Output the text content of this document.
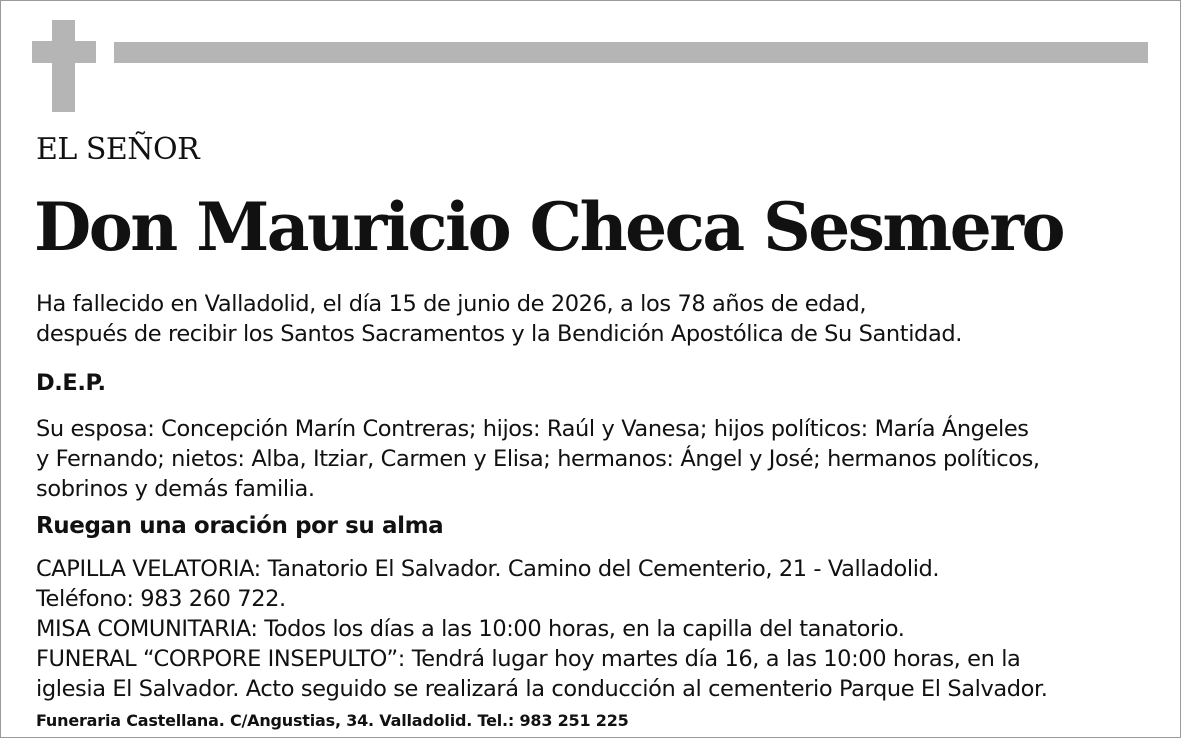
EL SEÑOR
Don Mauricio Checa Sesmero
Ha fallecido en Valladolid, el día 15 de junio de 2026, a los 78 años de edad,
después de recibir los Santos Sacramentos y la Bendición Apostólica de Su Santidad.
D.E.P.
Su esposa: Concepción Marín Contreras; hijos: Raúl y Vanesa; hijos políticos: María Ángeles
y Fernando; nietos: Alba, Itziar, Carmen y Elisa; hermanos: Ángel y José; hermanos políticos,
sobrinos y demás familia.
Ruegan una oración por su alma
CAPILLA VELATORIA: Tanatorio El Salvador. Camino del Cementerio, 21 - Valladolid.
Teléfono: 983 260 722.
MISA COMUNITARIA: Todos los días a las 10:00 horas, en la capilla del tanatorio.
FUNERAL “CORPORE INSEPULTO”: Tendrá lugar hoy martes día 16, a las 10:00 horas, en la
iglesia El Salvador. Acto seguido se realizará la conducción al cementerio Parque El Salvador.
Funeraria Castellana. C/Angustias, 34. Valladolid. Tel.: 983 251 225
